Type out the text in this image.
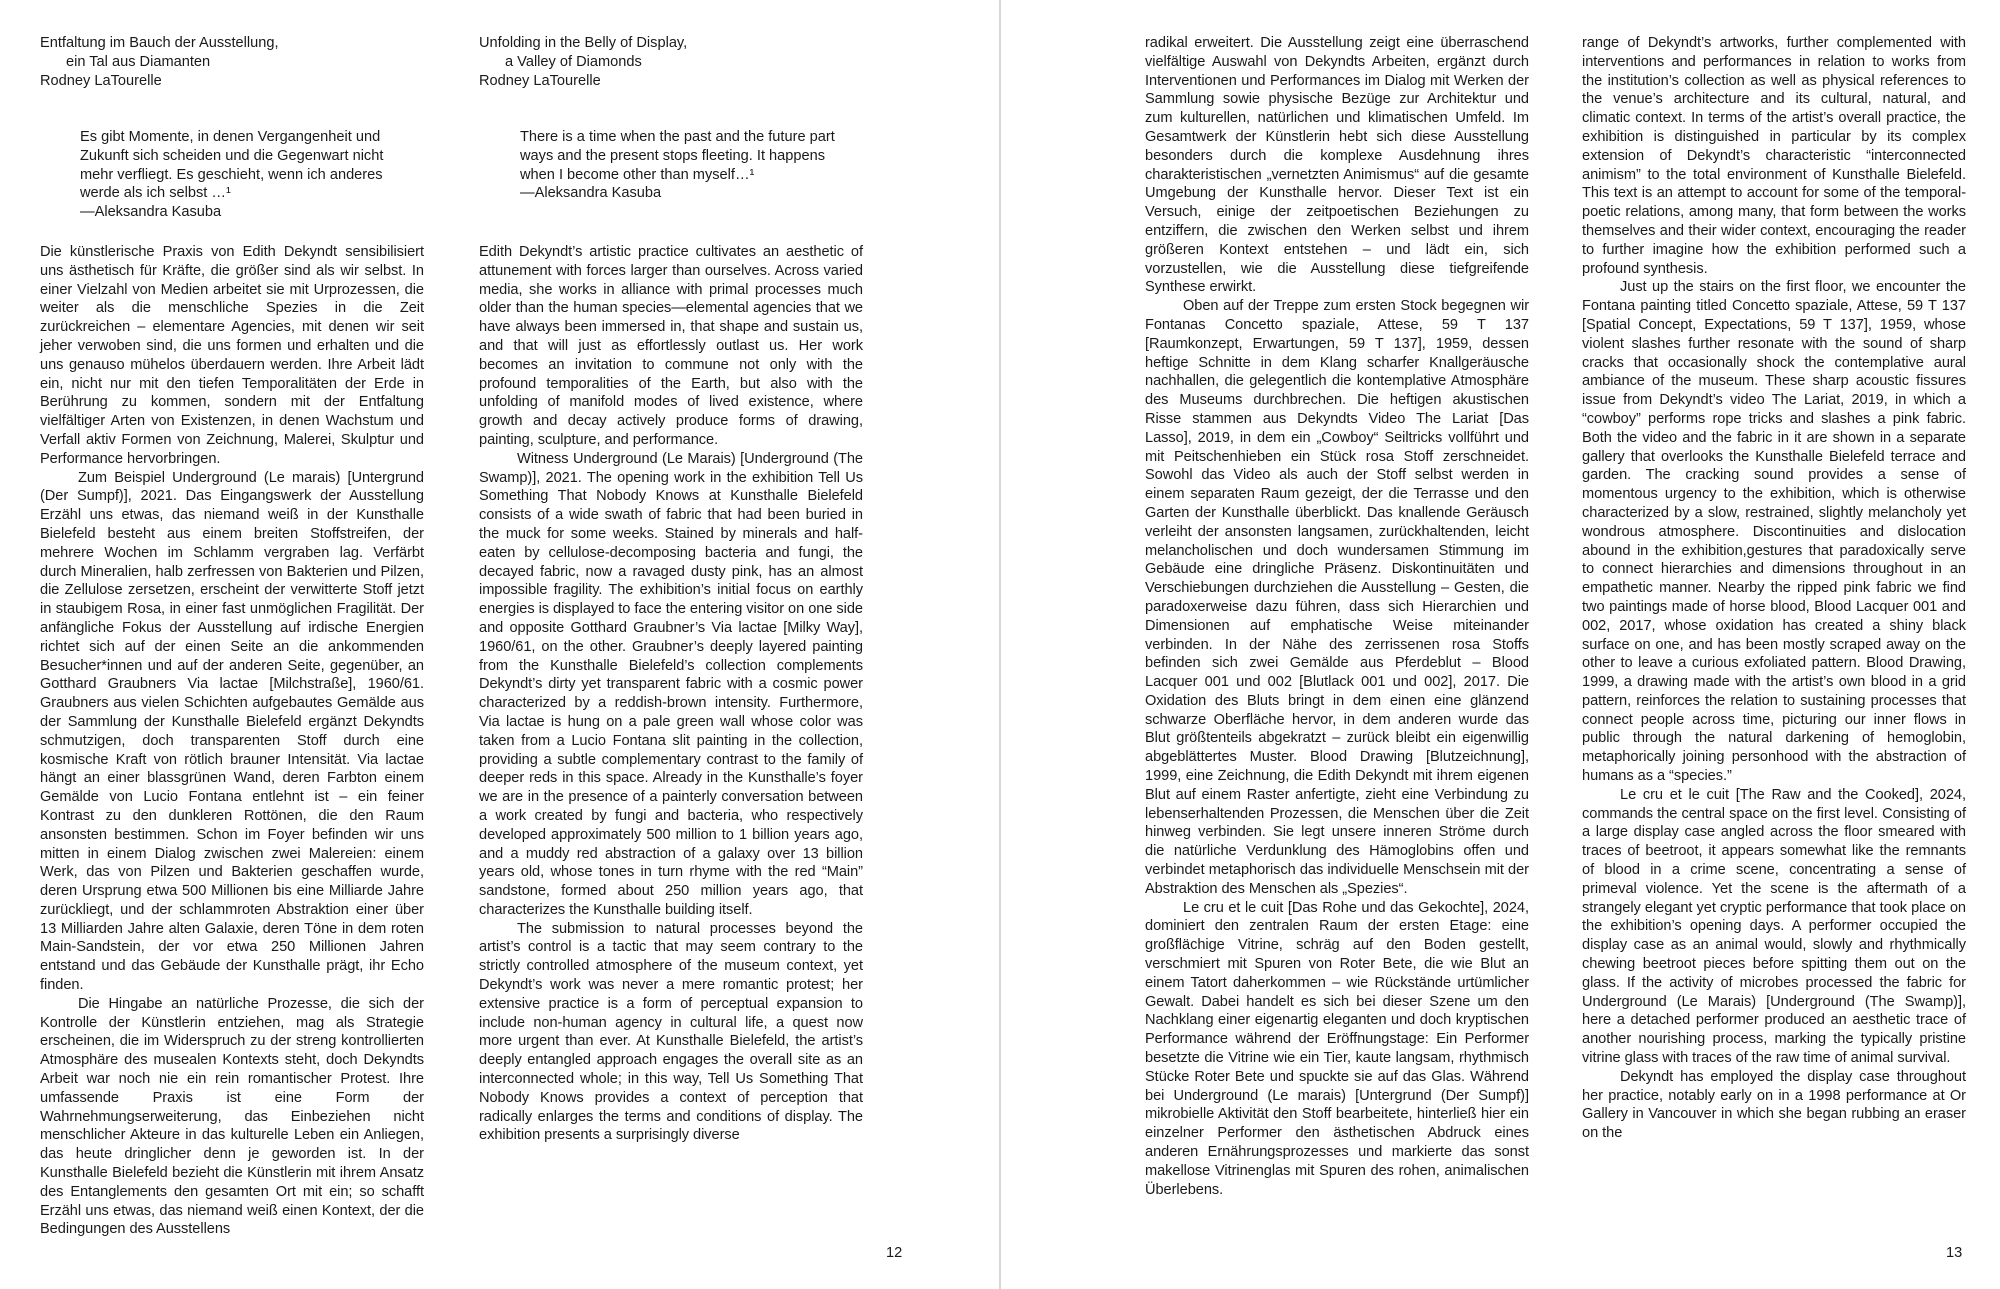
Entfaltung im Bauch der Ausstellung,
ein Tal aus Diamanten
Rodney LaTourelle
Unfolding in the Belly of Display,
a Valley of Diamonds
Rodney LaTourelle
Es gibt Momente, in denen Vergangenheit und Zukunft sich scheiden und die Gegenwart nicht mehr verfliegt. Es geschieht, wenn ich anderes werde als ich selbst …¹
—Aleksandra Kasuba
There is a time when the past and the future part ways and the present stops fleeting. It happens when I become other than myself…¹
—Aleksandra Kasuba

Die künstlerische Praxis von Edith Dekyndt sensibilisiert uns ästhetisch für Kräfte, die größer sind als wir selbst. In einer Vielzahl von Medien arbeitet sie mit Urprozessen, die weiter als die menschliche Spezies in die Zeit zurückreichen – elementare Agencies, mit denen wir seit jeher verwoben sind, die uns formen und erhalten und die uns genauso mühelos überdauern werden. Ihre Arbeit lädt ein, nicht nur mit den tiefen Temporalitäten der Erde in Berührung zu kommen, sondern mit der Entfaltung vielfältiger Arten von Existenzen, in denen Wachstum und Verfall aktiv Formen von Zeichnung, Malerei, Skulptur und Performance hervorbringen.

Zum Beispiel Underground (Le marais) [Untergrund (Der Sumpf)], 2021. Das Eingangswerk der Ausstellung Erzähl uns etwas, das niemand weiß in der Kunsthalle Bielefeld besteht aus einem breiten Stoffstreifen, der mehrere Wochen im Schlamm vergraben lag. Verfärbt durch Mineralien, halb zerfressen von Bakterien und Pilzen, die Zellulose zersetzen, erscheint der verwitterte Stoff jetzt in staubigem Rosa, in einer fast unmöglichen Fragilität. Der anfängliche Fokus der Ausstellung auf irdische Energien richtet sich auf der einen Seite an die ankommenden Besucher*innen und auf der anderen Seite, gegenüber, an Gotthard Graubners Via lactae [Milchstraße], 1960/61. Graubners aus vielen Schichten aufgebautes Gemälde aus der Sammlung der Kunsthalle Bielefeld ergänzt Dekyndts schmutzigen, doch transparenten Stoff durch eine kosmische Kraft von rötlich brauner Intensität. Via lactae hängt an einer blassgrünen Wand, deren Farbton einem Gemälde von Lucio Fontana entlehnt ist – ein feiner Kontrast zu den dunkleren Rottönen, die den Raum ansonsten bestimmen. Schon im Foyer befinden wir uns mitten in einem Dialog zwischen zwei Malereien: einem Werk, das von Pilzen und Bakterien geschaffen wurde, deren Ursprung etwa 500 Millionen bis eine Milliarde Jahre zurückliegt, und der schlammroten Abstraktion einer über 13 Milliarden Jahre alten Galaxie, deren Töne in dem roten Main-Sandstein, der vor etwa 250 Millionen Jahren entstand und das Gebäude der Kunsthalle prägt, ihr Echo finden.

Die Hingabe an natürliche Prozesse, die sich der Kontrolle der Künstlerin entziehen, mag als Strategie erscheinen, die im Widerspruch zu der streng kontrollierten Atmosphäre des musealen Kontexts steht, doch Dekyndts Arbeit war noch nie ein rein romantischer Protest. Ihre umfassende Praxis ist eine Form der Wahrnehmungserweiterung, das Einbeziehen nicht menschlicher Akteure in das kulturelle Leben ein Anliegen, das heute dringlicher denn je geworden ist. In der Kunsthalle Bielefeld bezieht die Künstlerin mit ihrem Ansatz des Entanglements den gesamten Ort mit ein; so schafft Erzähl uns etwas, das niemand weiß einen Kontext, der die Bedingungen des Ausstellens

Edith Dekyndt’s artistic practice cultivates an aesthetic of attunement with forces larger than ourselves. Across varied media, she works in alliance with primal processes much older than the human species—elemental agencies that we have always been immersed in, that shape and sustain us, and that will just as effortlessly outlast us. Her work becomes an invitation to commune not only with the profound temporalities of the Earth, but also with the unfolding of manifold modes of lived existence, where growth and decay actively produce forms of drawing, painting, sculpture, and performance.

Witness Underground (Le Marais) [Underground (The Swamp)], 2021. The opening work in the exhibition Tell Us Something That Nobody Knows at Kunsthalle Bielefeld consists of a wide swath of fabric that had been buried in the muck for some weeks. Stained by minerals and half-eaten by cellulose-decomposing bacteria and fungi, the decayed fabric, now a ravaged dusty pink, has an almost impossible fragility. The exhibition’s initial focus on earthly energies is displayed to face the entering visitor on one side and opposite Gotthard Graubner’s Via lactae [Milky Way], 1960/61, on the other. Graubner’s deeply layered painting from the Kunsthalle Bielefeld’s collection complements Dekyndt’s dirty yet transparent fabric with a cosmic power characterized by a reddish-brown intensity. Furthermore, Via lactae is hung on a pale green wall whose color was taken from a Lucio Fontana slit painting in the collection, providing a subtle complementary contrast to the family of deeper reds in this space. Already in the Kunsthalle’s foyer we are in the presence of a painterly conversation between a work created by fungi and bacteria, who respectively developed approximately 500 million to 1 billion years ago, and a muddy red abstraction of a galaxy over 13 billion years old, whose tones in turn rhyme with the red “Main” sandstone, formed about 250 million years ago, that characterizes the Kunsthalle building itself.

The submission to natural processes beyond the artist’s control is a tactic that may seem contrary to the strictly controlled atmosphere of the museum context, yet Dekyndt’s work was never a mere romantic protest; her extensive practice is a form of perceptual expansion to include non-human agency in cultural life, a quest now more urgent than ever. At Kunsthalle Bielefeld, the artist’s deeply entangled approach engages the overall site as an interconnected whole; in this way, Tell Us Something That Nobody Knows provides a context of perception that radically enlarges the terms and conditions of display. The exhibition presents a surprisingly diverse

12

radikal erweitert. Die Ausstellung zeigt eine überraschend vielfältige Auswahl von Dekyndts Arbeiten, ergänzt durch Interventionen und Performances im Dialog mit Werken der Sammlung sowie physische Bezüge zur Architektur und zum kulturellen, natürlichen und klimatischen Umfeld. Im Gesamtwerk der Künstlerin hebt sich diese Ausstellung besonders durch die komplexe Ausdehnung ihres charakteristischen „vernetzten Animismus“ auf die gesamte Umgebung der Kunsthalle hervor. Dieser Text ist ein Versuch, einige der zeitpoetischen Beziehungen zu entziffern, die zwischen den Werken selbst und ihrem größeren Kontext entstehen – und lädt ein, sich vorzustellen, wie die Ausstellung diese tiefgreifende Synthese erwirkt.

Oben auf der Treppe zum ersten Stock begegnen wir Fontanas Concetto spaziale, Attese, 59 T 137 [Raumkonzept, Erwartungen, 59 T 137], 1959, dessen heftige Schnitte in dem Klang scharfer Knallgeräusche nachhallen, die gelegentlich die kontemplative Atmosphäre des Museums durchbrechen. Die heftigen akustischen Risse stammen aus Dekyndts Video The Lariat [Das Lasso], 2019, in dem ein „Cowboy“ Seiltricks vollführt und mit Peitschenhieben ein Stück rosa Stoff zerschneidet. Sowohl das Video als auch der Stoff selbst werden in einem separaten Raum gezeigt, der die Terrasse und den Garten der Kunsthalle überblickt. Das knallende Geräusch verleiht der ansonsten langsamen, zurückhaltenden, leicht melancholischen und doch wundersamen Stimmung im Gebäude eine dringliche Präsenz. Diskontinuitäten und Verschiebungen durchziehen die Ausstellung – Gesten, die paradoxerweise dazu führen, dass sich Hierarchien und Dimensionen auf emphatische Weise miteinander verbinden. In der Nähe des zerrissenen rosa Stoffs befinden sich zwei Gemälde aus Pferdeblut – Blood Lacquer 001 und 002 [Blutlack 001 und 002], 2017. Die Oxidation des Bluts bringt in dem einen eine glänzend schwarze Oberfläche hervor, in dem anderen wurde das Blut größtenteils abgekratzt – zurück bleibt ein eigenwillig abgeblättertes Muster. Blood Drawing [Blutzeichnung], 1999, eine Zeichnung, die Edith Dekyndt mit ihrem eigenen Blut auf einem Raster anfertigte, zieht eine Verbindung zu lebenserhaltenden Prozessen, die Menschen über die Zeit hinweg verbinden. Sie legt unsere inneren Ströme durch die natürliche Verdunklung des Hämoglobins offen und verbindet metaphorisch das individuelle Menschsein mit der Abstraktion des Menschen als „Spezies“.

Le cru et le cuit [Das Rohe und das Gekochte], 2024, dominiert den zentralen Raum der ersten Etage: eine großflächige Vitrine, schräg auf den Boden gestellt, verschmiert mit Spuren von Roter Bete, die wie Blut an einem Tatort daherkommen – wie Rückstände urtümlicher Gewalt. Dabei handelt es sich bei dieser Szene um den Nachklang einer eigenartig eleganten und doch kryptischen Performance während der Eröffnungstage: Ein Performer besetzte die Vitrine wie ein Tier, kaute langsam, rhythmisch Stücke Roter Bete und spuckte sie auf das Glas. Während bei Underground (Le marais) [Untergrund (Der Sumpf)] mikrobielle Aktivität den Stoff bearbeitete, hinterließ hier ein einzelner Performer den ästhetischen Abdruck eines anderen Ernährungsprozesses und markierte das sonst makellose Vitrinenglas mit Spuren des rohen, animalischen Überlebens.

range of Dekyndt’s artworks, further complemented with interventions and performances in relation to works from the institution’s collection as well as physical references to the venue’s architecture and its cultural, natural, and climatic context. In terms of the artist’s overall practice, the exhibition is distinguished in particular by its complex extension of Dekyndt’s characteristic “interconnected animism” to the total environment of Kunsthalle Bielefeld. This text is an attempt to account for some of the temporal-poetic relations, among many, that form between the works themselves and their wider context, encouraging the reader to further imagine how the exhibition performed such a profound synthesis.

Just up the stairs on the first floor, we encounter the Fontana painting titled Concetto spaziale, Attese, 59 T 137 [Spatial Concept, Expectations, 59 T 137], 1959, whose violent slashes further resonate with the sound of sharp cracks that occasionally shock the contemplative aural ambiance of the museum. These sharp acoustic fissures issue from Dekyndt’s video The Lariat, 2019, in which a “cowboy” performs rope tricks and slashes a pink fabric. Both the video and the fabric in it are shown in a separate gallery that overlooks the Kunsthalle Bielefeld terrace and garden. The cracking sound provides a sense of momentous urgency to the exhibition, which is otherwise characterized by a slow, restrained, slightly melancholy yet wondrous atmosphere. Discontinuities and dislocation abound in the exhibition,gestures that paradoxically serve to connect hierarchies and dimensions throughout in an empathetic manner. Nearby the ripped pink fabric we find two paintings made of horse blood, Blood Lacquer 001 and 002, 2017, whose oxidation has created a shiny black surface on one, and has been mostly scraped away on the other to leave a curious exfoliated pattern. Blood Drawing, 1999, a drawing made with the artist’s own blood in a grid pattern, reinforces the relation to sustaining processes that connect people across time, picturing our inner flows in public through the natural darkening of hemoglobin, metaphorically joining personhood with the abstraction of humans as a “species.”

Le cru et le cuit [The Raw and the Cooked], 2024, commands the central space on the first level. Consisting of a large display case angled across the floor smeared with traces of beetroot, it appears somewhat like the remnants of blood in a crime scene, concentrating a sense of primeval violence. Yet the scene is the aftermath of a strangely elegant yet cryptic performance that took place on the exhibition’s opening days. A performer occupied the display case as an animal would, slowly and rhythmically chewing beetroot pieces before spitting them out on the glass. If the activity of microbes processed the fabric for Underground (Le Marais) [Underground (The Swamp)], here a detached performer produced an aesthetic trace of another nourishing process, marking the typically pristine vitrine glass with traces of the raw time of animal survival.

Dekyndt has employed the display case throughout her practice, notably early on in a 1998 performance at Or Gallery in Vancouver in which she began rubbing an eraser on the

13
